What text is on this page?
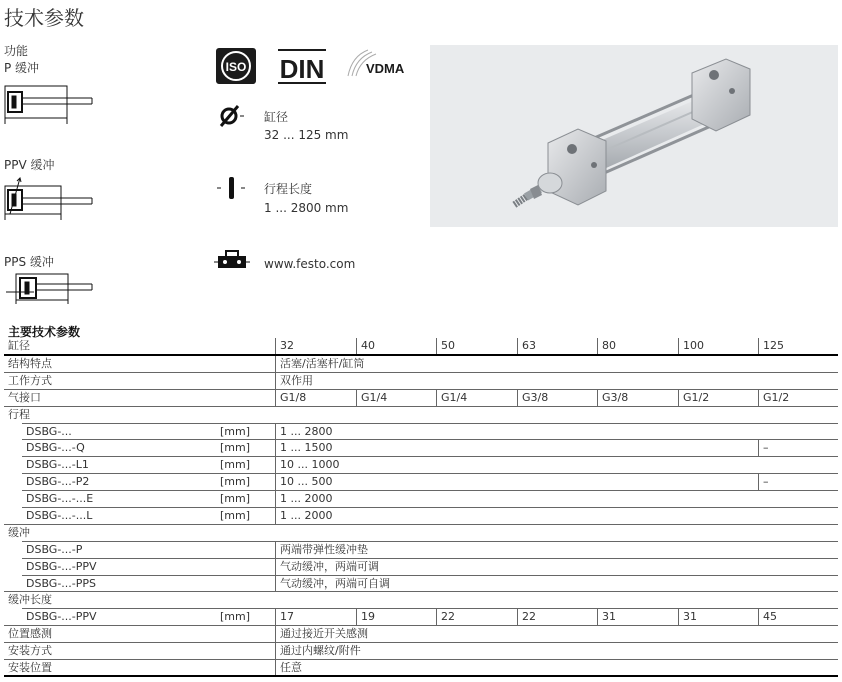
技术参数
功能
P 缓冲
PPV 缓冲
PPS 缓冲
ISO DIN	VDMA
缸径
32 ... 125 mm
行程长度
1 ... 2800 mm
www.festo.com
主要技术参数
缸径	32	40	50	63	80	100	125
结构特点	活塞/活塞杆/缸筒
工作方式	双作用
气接口	G1/8	G1/4	G1/4	G3/8	G3/8	G1/2	G1/2
行程
DSBG-...	[mm]	1 ... 2800
DSBG-...-Q	[mm]	1 ... 1500	–
DSBG-...-L1	[mm]	10 ... 1000
DSBG-...-P2	[mm]	10 ... 500	–
DSBG-...-...E	[mm]	1 ... 2000
DSBG-...-...L	[mm]	1 ... 2000
缓冲
DSBG-...-P	两端带弹性缓冲垫
DSBG-...-PPV	气动缓冲，两端可调
DSBG-...-PPS	气动缓冲，两端可自调
缓冲长度
DSBG-...-PPV	[mm]	17	19	22	22	31	31	45
位置感测	通过接近开关感测
安装方式	通过内螺纹/附件
安装位置	任意
